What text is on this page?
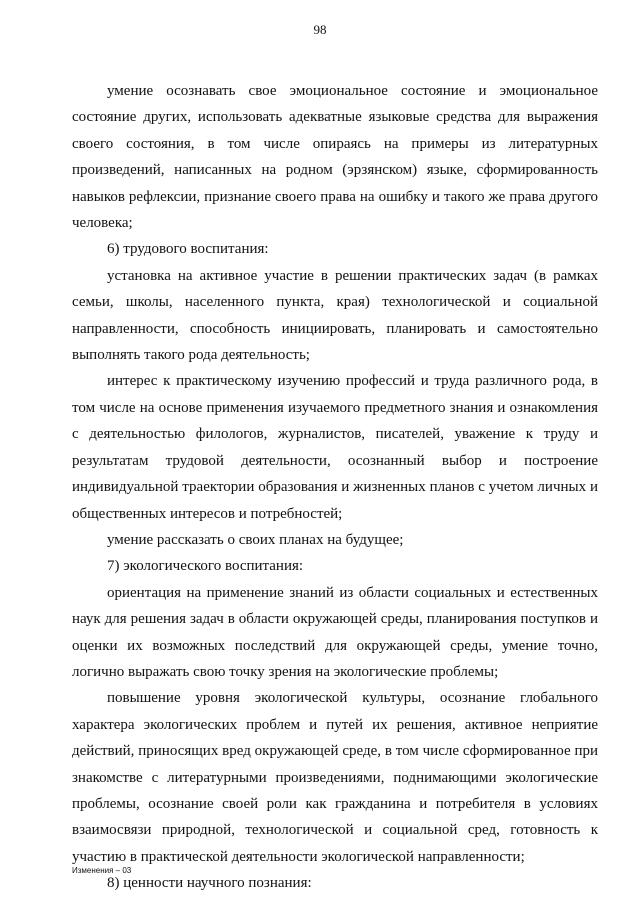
98

умение осознавать свое эмоциональное состояние и эмоциональное состояние других, использовать адекватные языковые средства для выражения своего состояния, в том числе опираясь на примеры из литературных произведений, написанных на родном (эрзянском) языке, сформированность навыков рефлексии, признание своего права на ошибку и такого же права другого человека;

6) трудового воспитания:

установка на активное участие в решении практических задач (в рамках семьи, школы, населенного пункта, края) технологической и социальной направленности, способность инициировать, планировать и самостоятельно выполнять такого рода деятельность;

интерес к практическому изучению профессий и труда различного рода, в том числе на основе применения изучаемого предметного знания и ознакомления с деятельностью филологов, журналистов, писателей, уважение к труду и результатам трудовой деятельности, осознанный выбор и построение индивидуальной траектории образования и жизненных планов с учетом личных и общественных интересов и потребностей;

умение рассказать о своих планах на будущее;

7) экологического воспитания:

ориентация на применение знаний из области социальных и естественных наук для решения задач в области окружающей среды, планирования поступков и оценки их возможных последствий для окружающей среды, умение точно, логично выражать свою точку зрения на экологические проблемы;

повышение уровня экологической культуры, осознание глобального характера экологических проблем и путей их решения, активное неприятие действий, приносящих вред окружающей среде, в том числе сформированное при знакомстве с литературными произведениями, поднимающими экологические проблемы, осознание своей роли как гражданина и потребителя в условиях взаимосвязи природной, технологической и социальной сред, готовность к участию в практической деятельности экологической направленности;

8) ценности научного познания:

Изменения – 03
